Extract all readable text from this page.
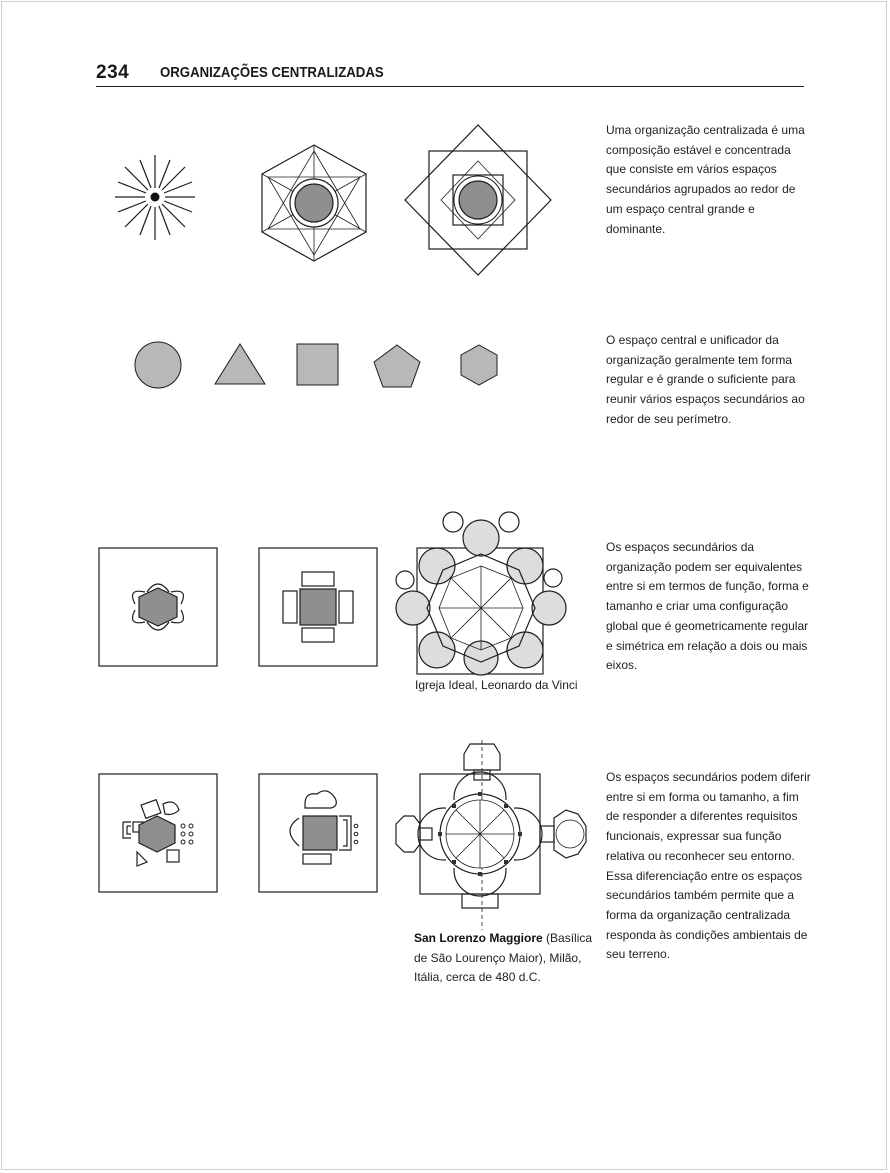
234 ORGANIZAÇÕES CENTRALIZADAS
Uma organização centralizada é uma composição estável e concentrada que consiste em vários espaços secundários agrupados ao redor de um espaço central grande e dominante.
O espaço central e unificador da organização geralmente tem forma regular e é grande o suficiente para reunir vários espaços secundários ao redor de seu perímetro.
Os espaços secundários da organização podem ser equivalentes entre si em termos de função, forma e tamanho e criar uma configuração global que é geometricamente regular e simétrica em relação a dois ou mais eixos.
Os espaços secundários podem diferir entre si em forma ou tamanho, a fim de responder a diferentes requisitos funcionais, expressar sua função relativa ou reconhecer seu entorno. Essa diferenciação entre os espaços secundários também permite que a forma da organização centralizada responda às condições ambientais de seu terreno.
Igreja Ideal, Leonardo da Vinci
San Lorenzo Maggiore (Basílica de São Lourenço Maior), Milão, Itália, cerca de 480 d.C.
